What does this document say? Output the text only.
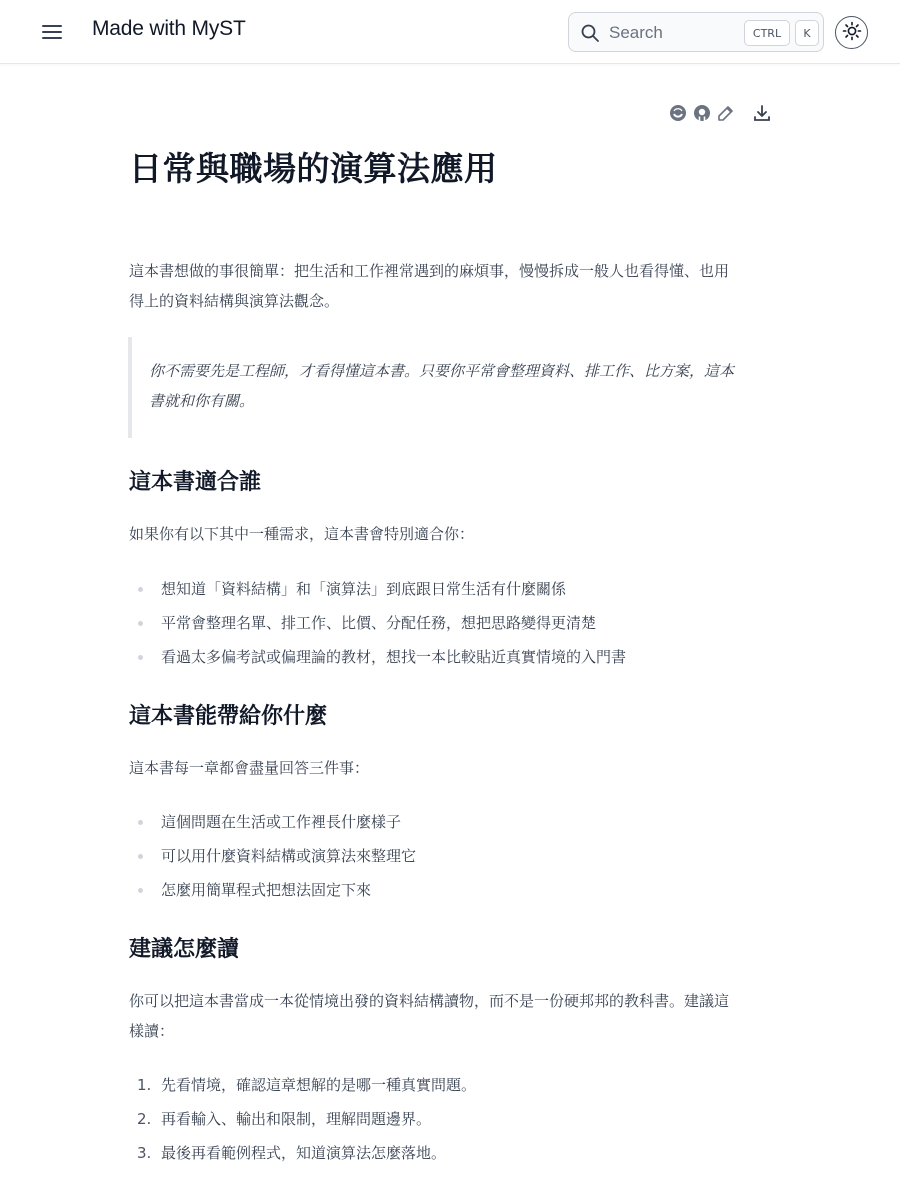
Made with MyST	Search	CTRL	K
日常與職場的演算法應用
這本書想做的事很簡單：把生活和工作裡常遇到的麻煩事，慢慢拆成一般人也看得懂、也用
得上的資料結構與演算法觀念。
你不需要先是工程師，才看得懂這本書。只要你平常會整理資料、排工作、比方案，這本
書就和你有關。
這本書適合誰
如果你有以下其中一種需求，這本書會特別適合你：
想知道「資料結構」和「演算法」到底跟日常生活有什麼關係
平常會整理名單、排工作、比價、分配任務，想把思路變得更清楚
看過太多偏考試或偏理論的教材，想找一本比較貼近真實情境的入門書
這本書能帶給你什麼
這本書每一章都會盡量回答三件事：
這個問題在生活或工作裡長什麼樣子
可以用什麼資料結構或演算法來整理它
怎麼用簡單程式把想法固定下來
建議怎麼讀
你可以把這本書當成一本從情境出發的資料結構讀物，而不是一份硬邦邦的教科書。建議這
樣讀：
1. 先看情境，確認這章想解的是哪一種真實問題。
2. 再看輸入、輸出和限制，理解問題邊界。
3. 最後再看範例程式，知道演算法怎麼落地。
